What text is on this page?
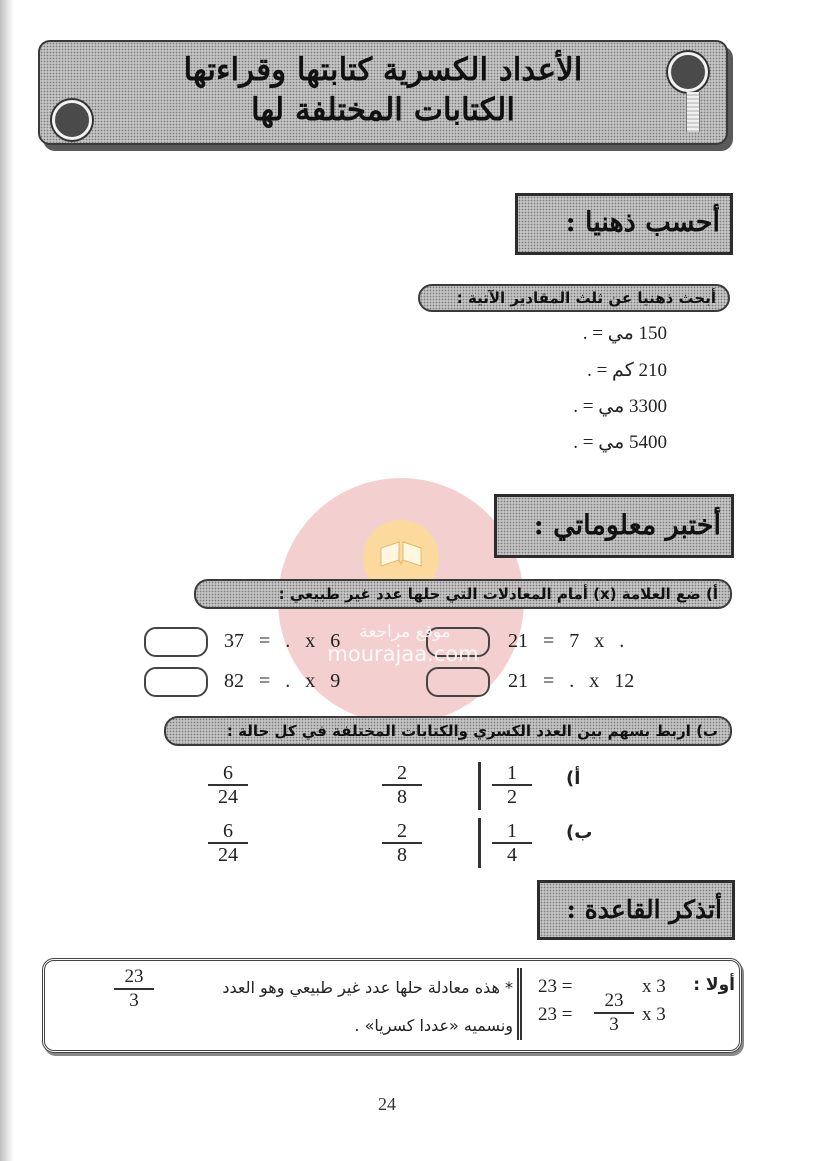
الأعداد الكسرية كتابتها وقراءتها
الكتابات المختلفة لها
أحسب ذهنيا :
أبحث ذهنيا عن ثلث المقادير الآتية :
150 مي = .
210 كم = .
3300 مي = .
5400 مي = .
أختبر معلوماتي :
أ) ضع العلامة (x) أمام المعادلات التي حلها عدد غير طبيعي :
21 = 7 x .
37 = . x 6
21 = . x 12
82 = . x 9
موقع مراجعة
mourajaa.com
ب) اربط بسهم بين العدد الكسري والكتابات المختلفة في كل حالة :
أ)
1
2
2
8
6
24
ب)
1
4
2
8
6
24
أتذكر القاعدة :
أولا :
23 =	x 3
23 =
23
3 x 3
* هذه معادلة حلها عدد غير طبيعي وهو العدد
23
3
ونسميه «عددا كسريا» .
24
